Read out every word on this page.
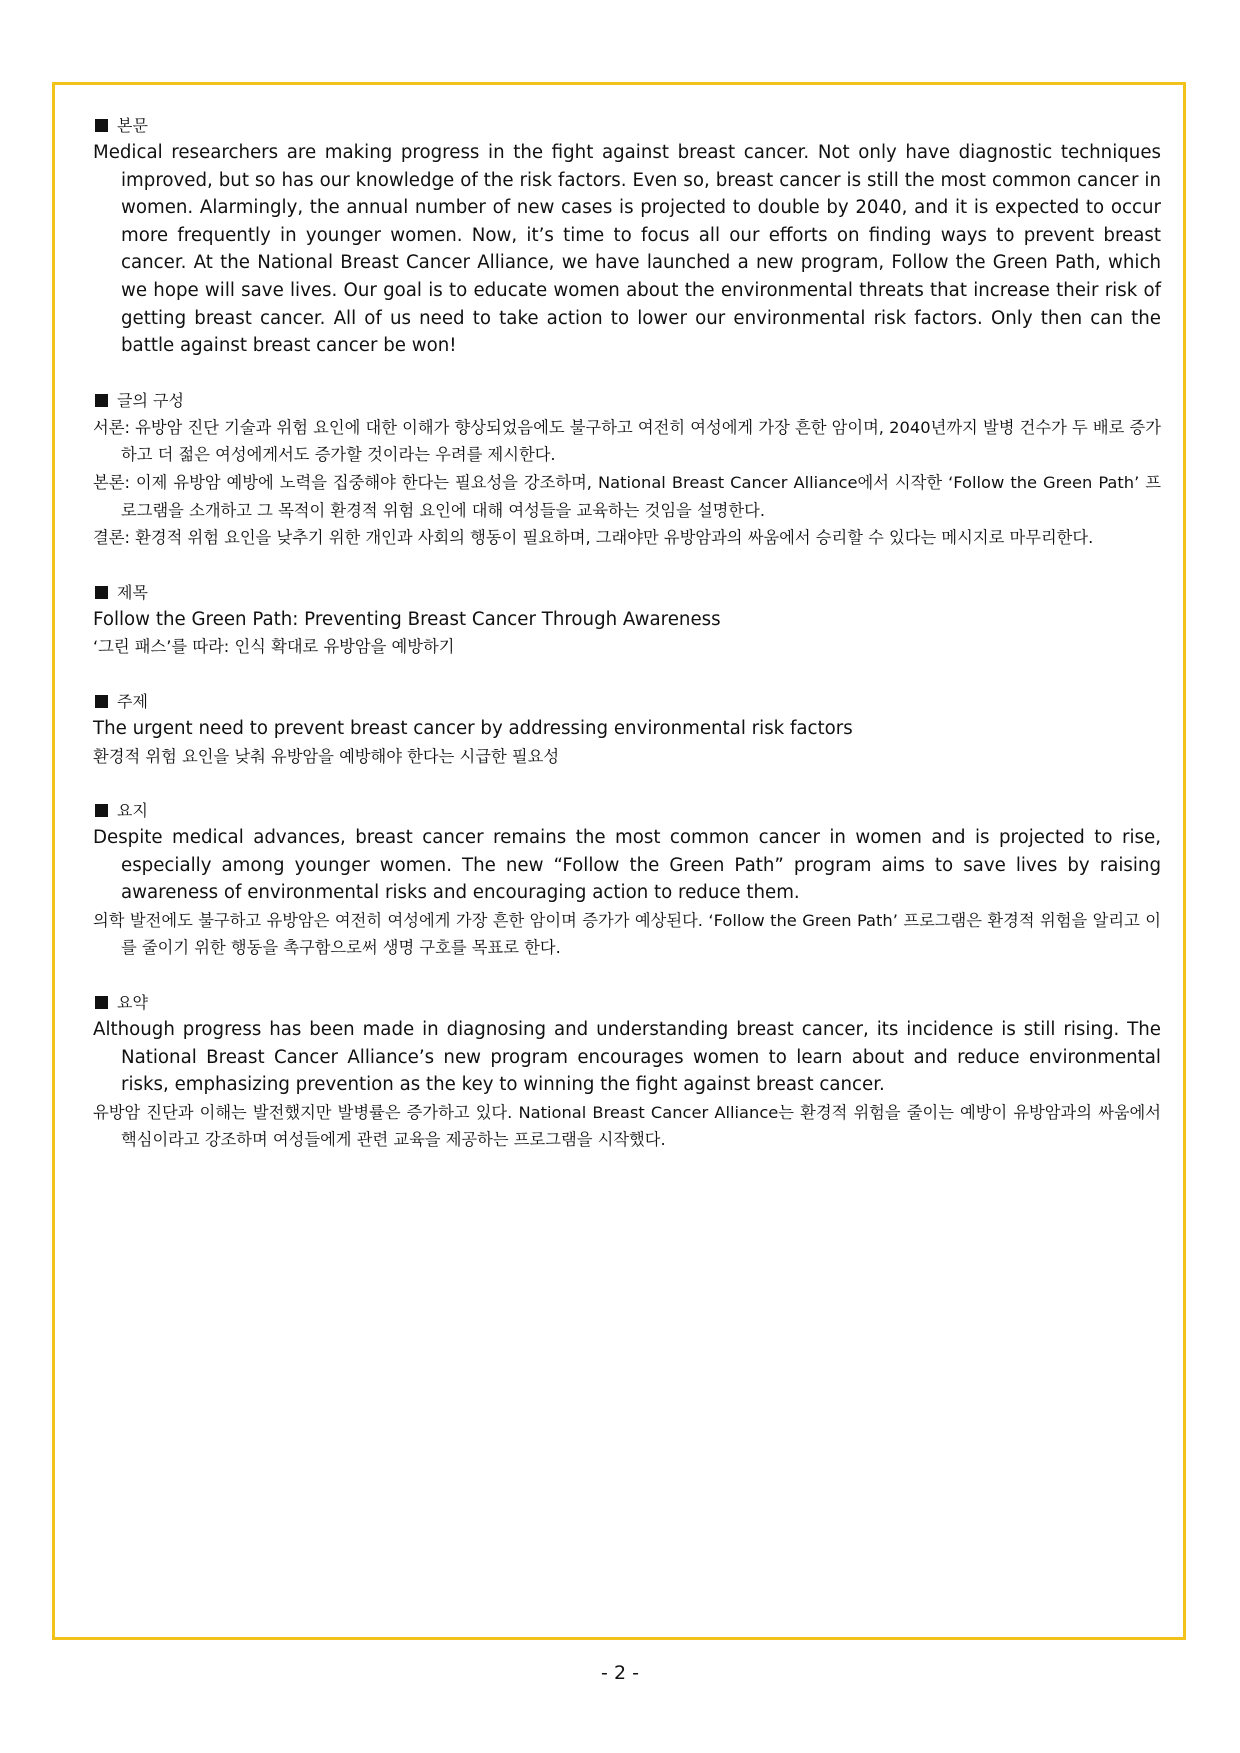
본문

Medical researchers are making progress in the fight against breast cancer. Not only have diagnostic techniques improved, but so has our knowledge of the risk factors. Even so, breast cancer is still the most common cancer in women. Alarmingly, the annual number of new cases is projected to double by 2040, and it is expected to occur more frequently in younger women. Now, it’s time to focus all our efforts on finding ways to prevent breast cancer. At the National Breast Cancer Alliance, we have launched a new program, Follow the Green Path, which we hope will save lives. Our goal is to educate women about the environmental threats that increase their risk of getting breast cancer. All of us need to take action to lower our environmental risk factors. Only then can the battle against breast cancer be won!

글의 구성

서론: 유방암 진단 기술과 위험 요인에 대한 이해가 향상되었음에도 불구하고 여전히 여성에게 가장 흔한 암이며, 2040년까지 발병 건수가 두 배로 증가하고 더 젊은 여성에게서도 증가할 것이라는 우려를 제시한다.

본론: 이제 유방암 예방에 노력을 집중해야 한다는 필요성을 강조하며, National Breast Cancer Alliance에서 시작한 ‘Follow the Green Path’ 프로그램을 소개하고 그 목적이 환경적 위험 요인에 대해 여성들을 교육하는 것임을 설명한다.

결론: 환경적 위험 요인을 낮추기 위한 개인과 사회의 행동이 필요하며, 그래야만 유방암과의 싸움에서 승리할 수 있다는 메시지로 마무리한다.

제목

Follow the Green Path: Preventing Breast Cancer Through Awareness

‘그린 패스’를 따라: 인식 확대로 유방암을 예방하기

주제

The urgent need to prevent breast cancer by addressing environmental risk factors

환경적 위험 요인을 낮춰 유방암을 예방해야 한다는 시급한 필요성

요지

Despite medical advances, breast cancer remains the most common cancer in women and is projected to rise, especially among younger women. The new “Follow the Green Path” program aims to save lives by raising awareness of environmental risks and encouraging action to reduce them.

의학 발전에도 불구하고 유방암은 여전히 여성에게 가장 흔한 암이며 증가가 예상된다. ‘Follow the Green Path’ 프로그램은 환경적 위험을 알리고 이를 줄이기 위한 행동을 촉구함으로써 생명 구호를 목표로 한다.

요약

Although progress has been made in diagnosing and understanding breast cancer, its incidence is still rising. The National Breast Cancer Alliance’s new program encourages women to learn about and reduce environmental risks, emphasizing prevention as the key to winning the fight against breast cancer.

유방암 진단과 이해는 발전했지만 발병률은 증가하고 있다. National Breast Cancer Alliance는 환경적 위험을 줄이는 예방이 유방암과의 싸움에서 핵심이라고 강조하며 여성들에게 관련 교육을 제공하는 프로그램을 시작했다.

- 2 -
